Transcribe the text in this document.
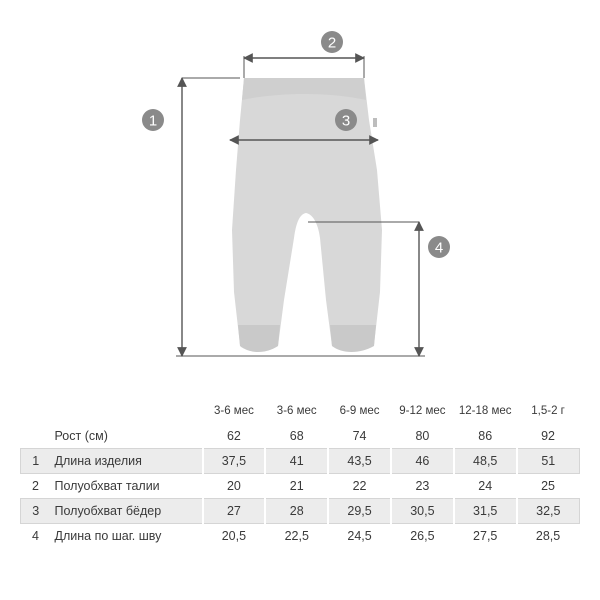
1
2
3
4
		3-6 мес	3-6 мес	6-9 мес	9-12 мес	12-18 мес	1,5-2 г
	Рост (см)	62	68	74	80	86	92
1	Длина изделия	37,5	41	43,5	46	48,5	51
2	Полуобхват талии	20	21	22	23	24	25
3	Полуобхват бёдер	27	28	29,5	30,5	31,5	32,5
4	Длина по шаг. шву	20,5	22,5	24,5	26,5	27,5	28,5
